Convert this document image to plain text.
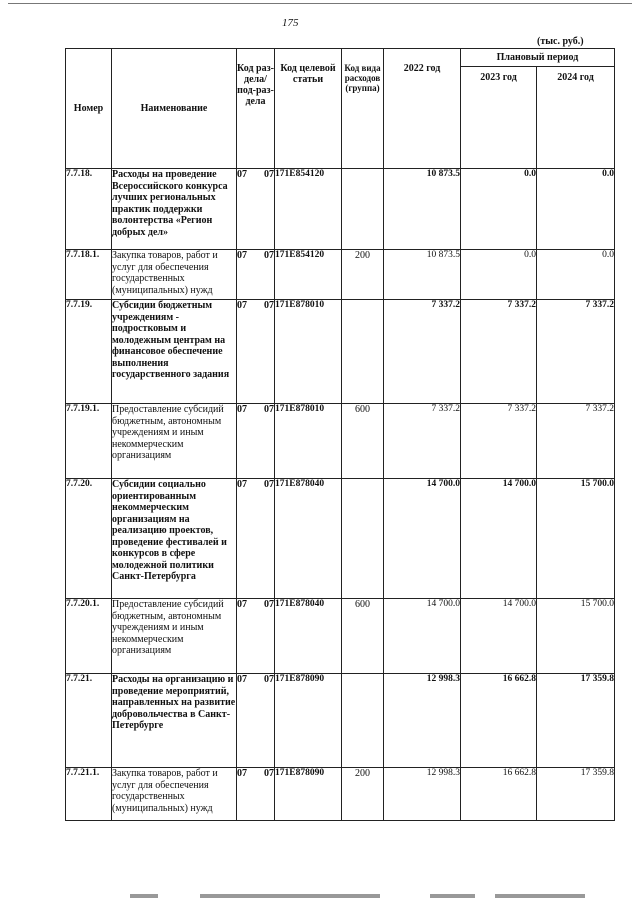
175
(тыс. руб.)
Номер	Наименование	Код раз-дела/ под-раз-дела	Код целевой статьи	Код вида расходов (группа)	2022 год	Плановый период	
						2023 год	2024 год
7.7.18.	Расходы на проведение Всероссийского конкурса лучших региональных практик поддержки волонтерства «Регион добрых дел»	07 07	171E854120		10 873.5	0.0	0.0
7.7.18.1.	Закупка товаров, работ и услуг для обеспечения государственных (муниципальных) нужд	07 07	171E854120	200	10 873.5	0.0	0.0
7.7.19.	Субсидии бюджетным учреждениям - подростковым и молодежным центрам на финансовое обеспечение выполнения государственного задания	07 07	171E878010		7 337.2	7 337.2	7 337.2
7.7.19.1.	Предоставление субсидий бюджетным, автономным учреждениям и иным некоммерческим организациям	07 07	171E878010	600	7 337.2	7 337.2	7 337.2
7.7.20.	Субсидии социально ориентированным некоммерческим организациям на реализацию проектов, проведение фестивалей и конкурсов в сфере молодежной политики Санкт-Петербурга	07 07	171E878040		14 700.0	14 700.0	15 700.0
7.7.20.1.	Предоставление субсидий бюджетным, автономным учреждениям и иным некоммерческим организациям	07 07	171E878040	600	14 700.0	14 700.0	15 700.0
7.7.21.	Расходы на организацию и проведение мероприятий, направленных на развитие добровольчества в Санкт-Петербурге	07 07	171E878090		12 998.3	16 662.8	17 359.8
7.7.21.1.	Закупка товаров, работ и услуг для обеспечения государственных (муниципальных) нужд	07 07	171E878090	200	12 998.3	16 662.8	17 359.8
